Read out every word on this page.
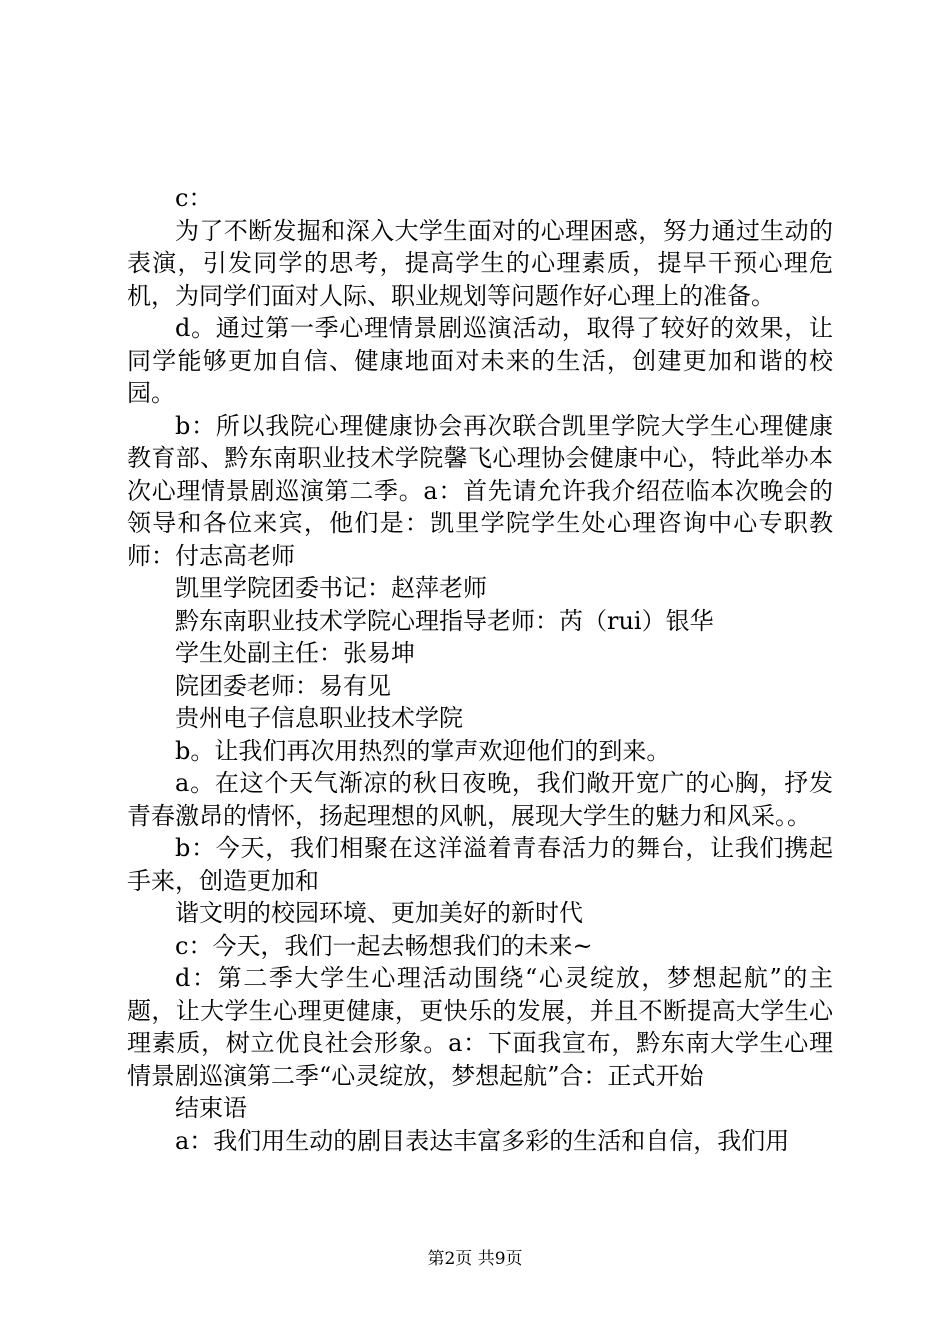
c：

为了不断发掘和深入大学生面对的心理困惑，努力通过生动的表演，引发同学的思考，提高学生的心理素质，提早干预心理危机，为同学们面对人际、职业规划等问题作好心理上的准备。

d。通过第一季心理情景剧巡演活动，取得了较好的效果，让同学能够更加自信、健康地面对未来的生活，创建更加和谐的校园。

b：所以我院心理健康协会再次联合凯里学院大学生心理健康教育部、黔东南职业技术学院馨飞心理协会健康中心，特此举办本次心理情景剧巡演第二季。a：首先请允许我介绍莅临本次晚会的领导和各位来宾，他们是：凯里学院学生处心理咨询中心专职教师：付志高老师

凯里学院团委书记：赵萍老师

黔东南职业技术学院心理指导老师：芮（rui）银华

学生处副主任：张易坤

院团委老师：易有见

贵州电子信息职业技术学院

b。让我们再次用热烈的掌声欢迎他们的到来。

a。在这个天气渐凉的秋日夜晚，我们敞开宽广的心胸，抒发青春激昂的情怀，扬起理想的风帆，展现大学生的魅力和风采。。

b：今天，我们相聚在这洋溢着青春活力的舞台，让我们携起手来，创造更加和

谐文明的校园环境、更加美好的新时代

c：今天，我们一起去畅想我们的未来~

d：第二季大学生心理活动围绕“心灵绽放，梦想起航”的主题，让大学生心理更健康，更快乐的发展，并且不断提高大学生心理素质，树立优良社会形象。a：下面我宣布，黔东南大学生心理情景剧巡演第二季“心灵绽放，梦想起航”合：正式开始

结束语

a：我们用生动的剧目表达丰富多彩的生活和自信，我们用

第2页 共9页
